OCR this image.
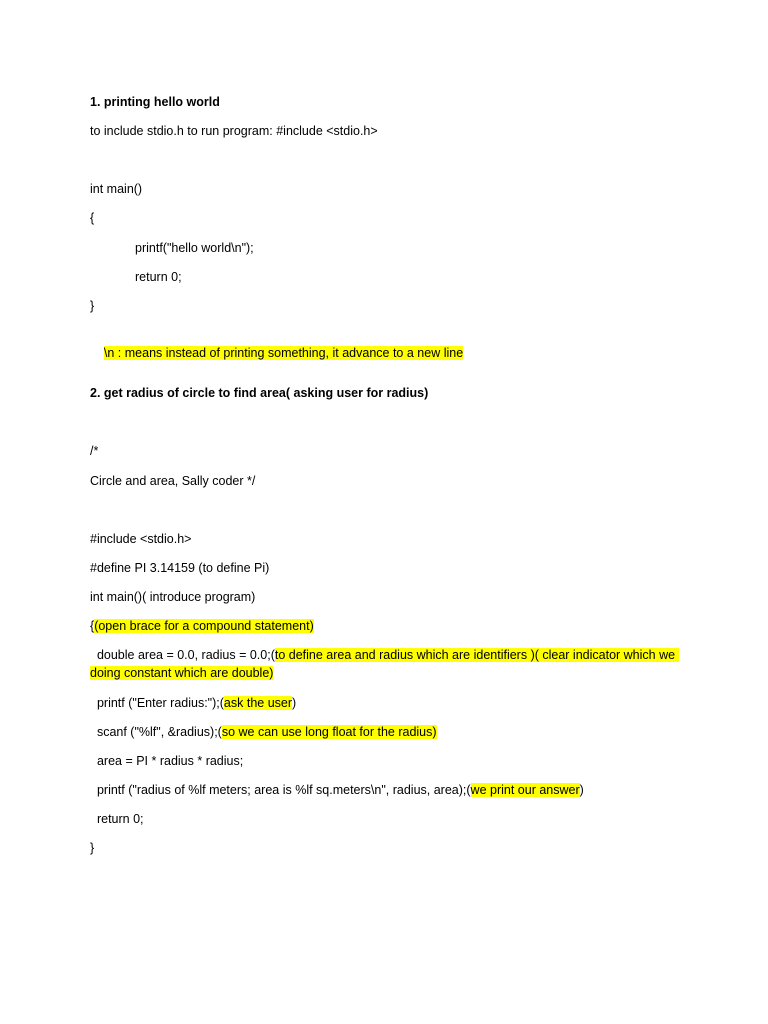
1. printing hello world
to include stdio.h to run program: #include <stdio.h>
int main()
{
printf("hello world\n");
return 0;
}

\n : means instead of printing something, it advance to a new line

2. get radius of circle to find area( asking user for radius)
/*
Circle and area, Sally coder */
#include <stdio.h>
#define PI 3.14159 (to define Pi)
int main()( introduce program)
{(open brace for a compound statement)
double area = 0.0, radius = 0.0;(to define area and radius which are identifiers )( clear indicator which we doing constant which are double)
printf ("Enter radius:");(ask the user)
scanf ("%lf", &radius);(so we can use long float for the radius)
area = PI * radius * radius;
printf ("radius of %lf meters; area is %lf sq.meters\n", radius, area);(we print our answer)
return 0;
}
